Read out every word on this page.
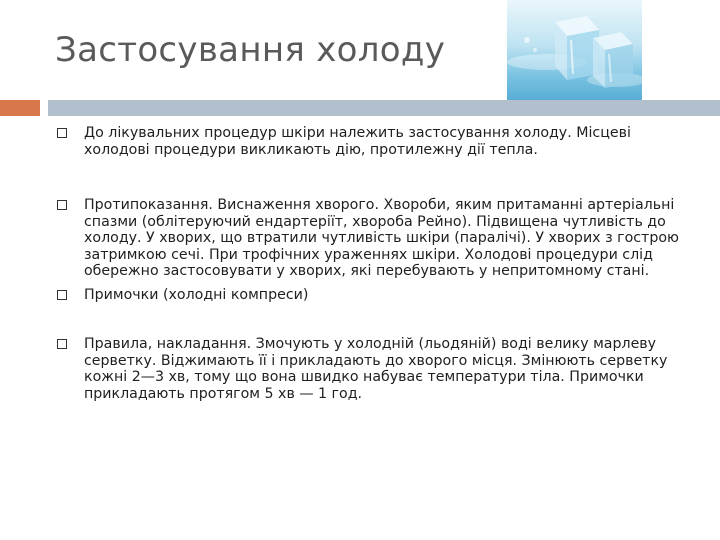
Застосування холоду
До лікувальних процедур шкіри належить застосування холоду. Місцеві холодові процедури викликають дію, протилежну дії тепла.
Протипоказання. Виснаження хворого. Хвороби, яким притаманні артеріальні спазми (облітеруючий ендартеріїт, хвороба Рейно). Підвищена чутливість до холоду. У хворих, що втратили чутливість шкіри (паралічі). У хворих з гострою затримкою сечі. При трофічних ураженнях шкіри. Холодові процедури слід обережно застосовувати у хворих, які перебувають у непритомному стані.
Примочки (холодні компреси)
Правила, накладання. Змочують у холодній (льодяній) воді велику марлеву серветку. Віджимають її і прикладають до хворого місця. Змінюють серветку кожні 2—3 хв, тому що вона швидко набуває температури тіла. Примочки прикладають протягом 5 хв — 1 год.
